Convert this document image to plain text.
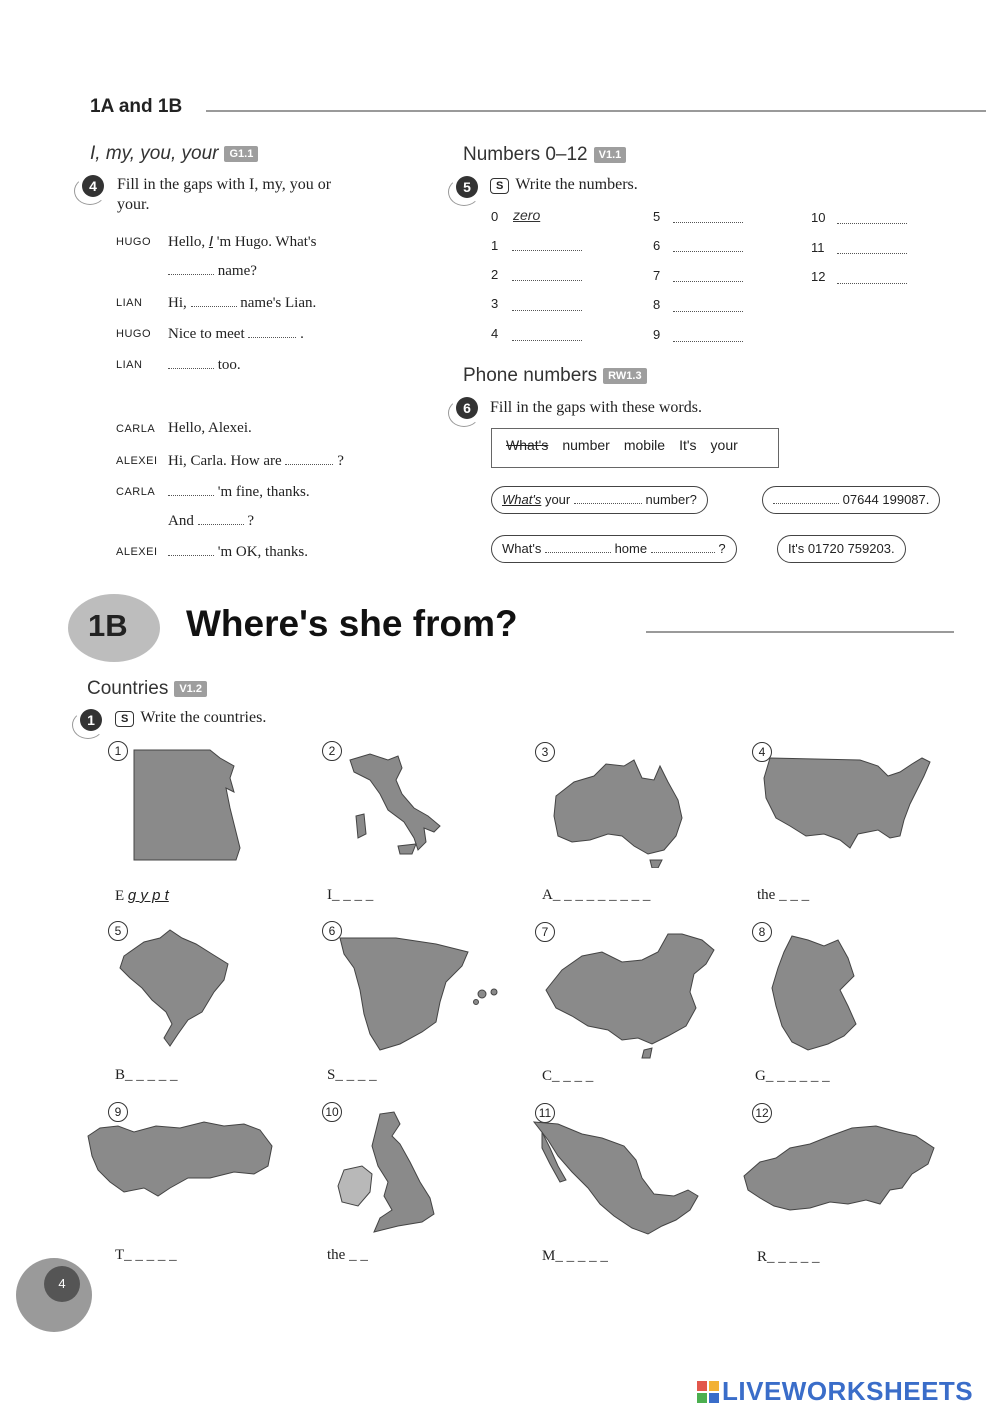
1A and 1B
I, my, you, your G1.1
4	Fill in the gaps with I, my, you or your.
HUGO Hello, I 'm Hugo. What's
name?
LIAN Hi,	name's Lian.
HUGO Nice to meet	.
LIAN	too.
CARLA Hello, Alexei.
ALEXEI Hi, Carla. How are	?
CARLA	'm fine, thanks.
And	?
ALEXEI	'm OK, thanks.
Numbers 0–12 V1.1
5	S Write the numbers.
0 zero
1
2
3
4
5
6
7
8
9
10
11
12
Phone numbers RW1.3
6	Fill in the gaps with these words.
What's number mobile It's your
What's your	number?	07644 199087.
What's	home	?	It's 01720 759203.
1B Where's she from?
Countries V1.2
1	S Write the countries.
1
E g y p t
2
I_ _ _ _
3
A_ _ _ _ _ _ _ _ _
4
the _ _ _
5
B_ _ _ _ _
6
S_ _ _ _
7
C_ _ _ _
8
G_ _ _ _ _ _
9
T_ _ _ _ _
10
the _ _
11
M_ _ _ _ _
12
R_ _ _ _ _
4
LIVEWORKSHEETS
